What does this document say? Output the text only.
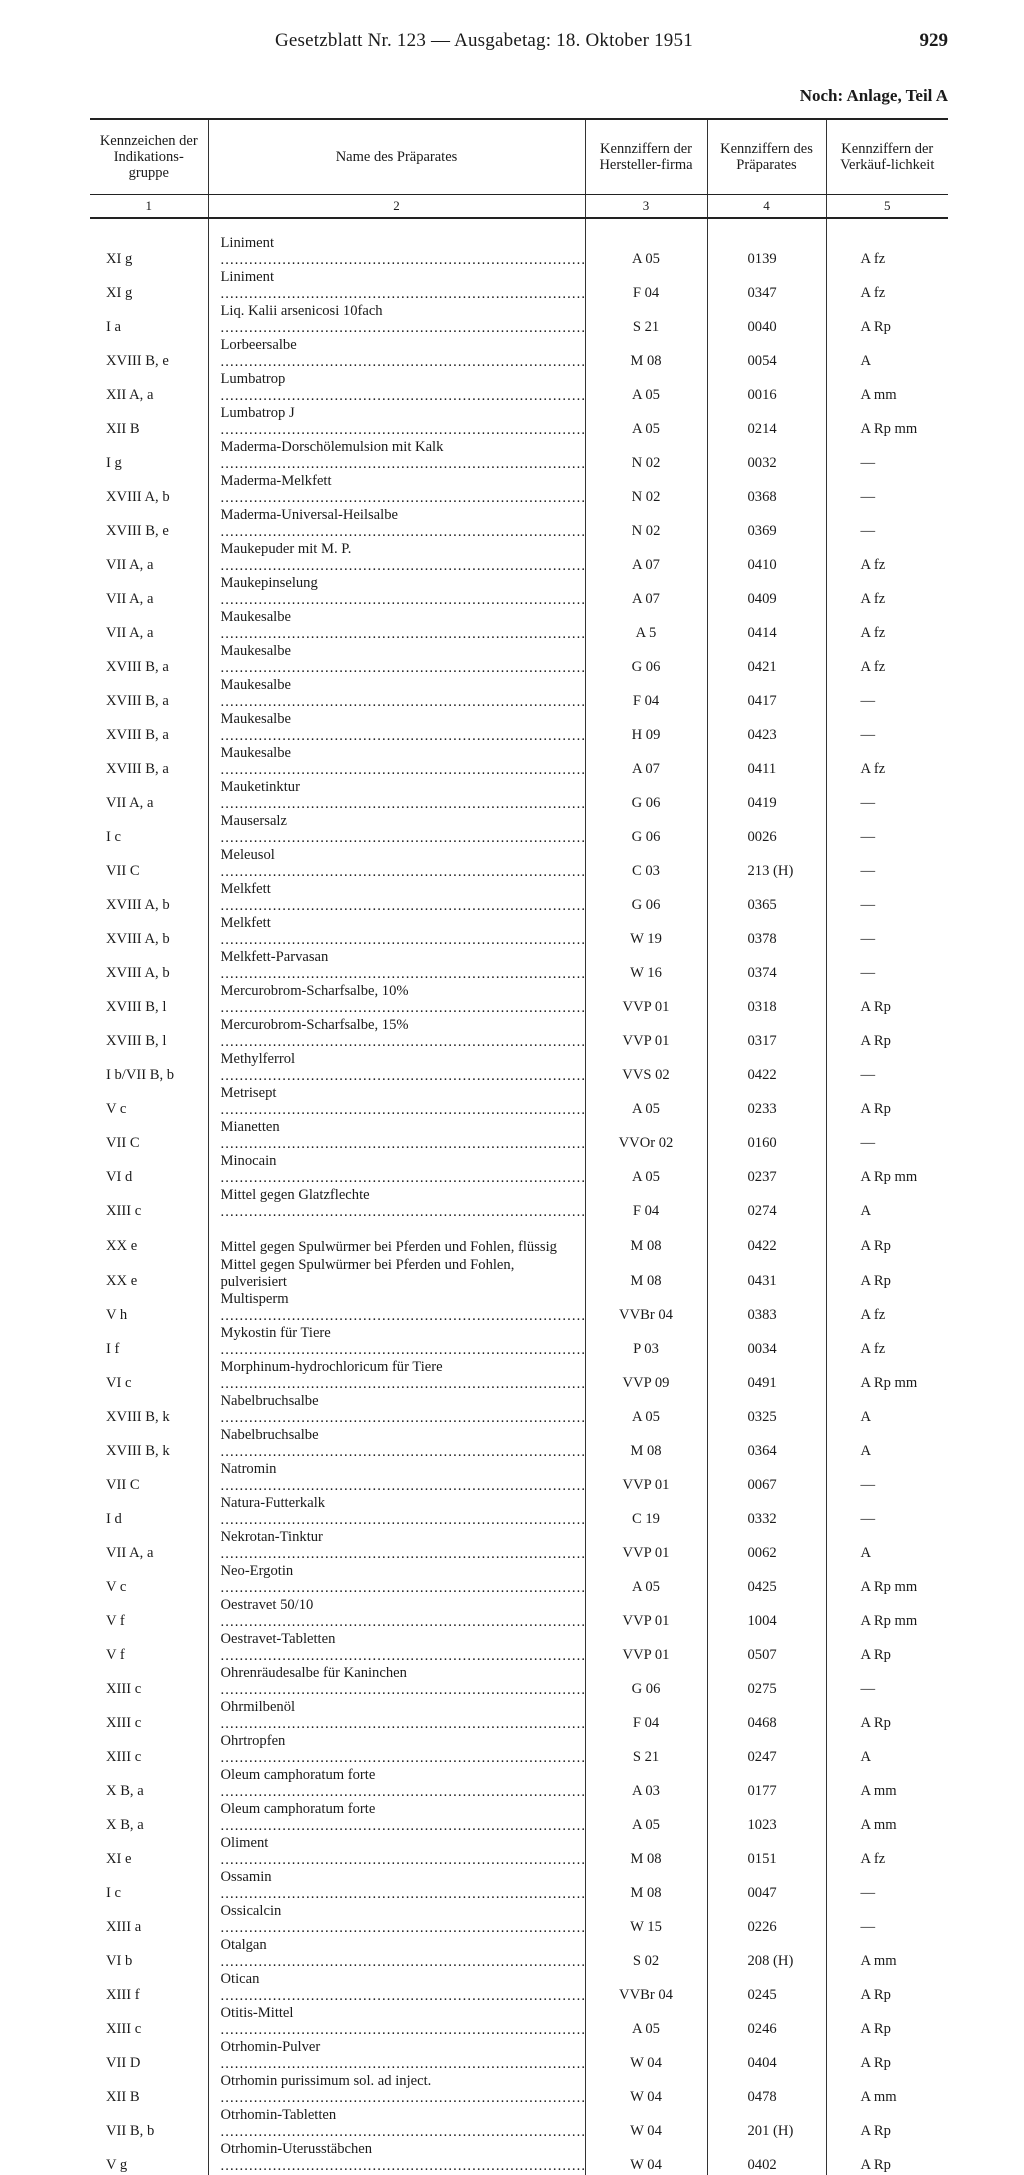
Gesetzblatt Nr. 123 — Ausgabetag: 18. Oktober 1951	929
Noch: Anlage, Teil A
Kennzeichen der Indikations-gruppe	Name des Präparates	Kennziffern der Hersteller-firma	Kennziffern des Präparates	Kennziffern der Verkäuf-lichkeit
1	2	3	4	5

XI g	Liniment .....	A 05	0139	A fz
XI g	Liniment .....	F 04	0347	A fz
I a	Liq. Kalii arsenicosi 10fach .....	S 21	0040	A Rp
XVIII B, e	Lorbeersalbe .....	M 08	0054	A
XII A, a	Lumbatrop .....	A 05	0016	A mm
XII B	Lumbatrop J .....	A 05	0214	A Rp mm
I g	Maderma-Dorschölemulsion mit Kalk .....	N 02	0032	—
XVIII A, b	Maderma-Melkfett .....	N 02	0368	—
XVIII B, e	Maderma-Universal-Heilsalbe .....	N 02	0369	—
VII A, a	Maukepuder mit M. P. .....	A 07	0410	A fz
VII A, a	Maukepinselung .....	A 07	0409	A fz
VII A, a	Maukesalbe .....	A 5	0414	A fz
XVIII B, a	Maukesalbe .....	G 06	0421	A fz
XVIII B, a	Maukesalbe .....	F 04	0417	—
XVIII B, a	Maukesalbe .....	H 09	0423	—
XVIII B, a	Maukesalbe .....	A 07	0411	A fz
VII A, a	Mauketinktur .....	G 06	0419	—
I c	Mausersalz .....	G 06	0026	—
VII C	Meleusol .....	C 03	213 (H)	—
XVIII A, b	Melkfett .....	G 06	0365	—
XVIII A, b	Melkfett .....	W 19	0378	—
XVIII A, b	Melkfett-Parvasan .....	W 16	0374	—
XVIII B, l	Mercurobrom-Scharfsalbe, 10% .....	VVP 01	0318	A Rp
XVIII B, l	Mercurobrom-Scharfsalbe, 15% .....	VVP 01	0317	A Rp
I b/VII B, b	Methylferrol .....	VVS 02	0422	—
V c	Metrisept .....	A 05	0233	A Rp
VII C	Mianetten .....	VVOr 02	0160	—
VI d	Minocain .....	A 05	0237	A Rp mm
XIII c	Mittel gegen Glatzflechte .....	F 04	0274	A
XX e	Mittel gegen Spulwürmer bei Pferden und Fohlen, flüssig	M 08	0422	A Rp
XX e	Mittel gegen Spulwürmer bei Pferden und Fohlen, pulverisiert	M 08	0431	A Rp
V h	Multisperm .....	VVBr 04	0383	A fz
I f	Mykostin für Tiere .....	P 03	0034	A fz
VI c	Morphinum-hydrochloricum für Tiere .....	VVP 09	0491	A Rp mm
XVIII B, k	Nabelbruchsalbe .....	A 05	0325	A
XVIII B, k	Nabelbruchsalbe .....	M 08	0364	A
VII C	Natromin .....	VVP 01	0067	—
I d	Natura-Futterkalk .....	C 19	0332	—
VII A, a	Nekrotan-Tinktur .....	VVP 01	0062	A
V c	Neo-Ergotin .....	A 05	0425	A Rp mm
V f	Oestravet 50/10 .....	VVP 01	1004	A Rp mm
V f	Oestravet-Tabletten .....	VVP 01	0507	A Rp
XIII c	Ohrenräudesalbe für Kaninchen .....	G 06	0275	—
XIII c	Ohrmilbenöl .....	F 04	0468	A Rp
XIII c	Ohrtropfen .....	S 21	0247	A
X B, a	Oleum camphoratum forte .....	A 03	0177	A mm
X B, a	Oleum camphoratum forte .....	A 05	1023	A mm
XI e	Oliment .....	M 08	0151	A fz
I c	Ossamin .....	M 08	0047	—
XIII a	Ossicalcin .....	W 15	0226	—
VI b	Otalgan .....	S 02	208 (H)	A mm
XIII f	Otican .....	VVBr 04	0245	A Rp
XIII c	Otitis-Mittel .....	A 05	0246	A Rp
VII D	Otrhomin-Pulver .....	W 04	0404	A Rp
XII B	Otrhomin purissimum sol. ad inject. .....	W 04	0478	A mm
VII B, b	Otrhomin-Tabletten .....	W 04	201 (H)	A Rp
V g	Otrhomin-Uterusstäbchen .....	W 04	0402	A Rp
